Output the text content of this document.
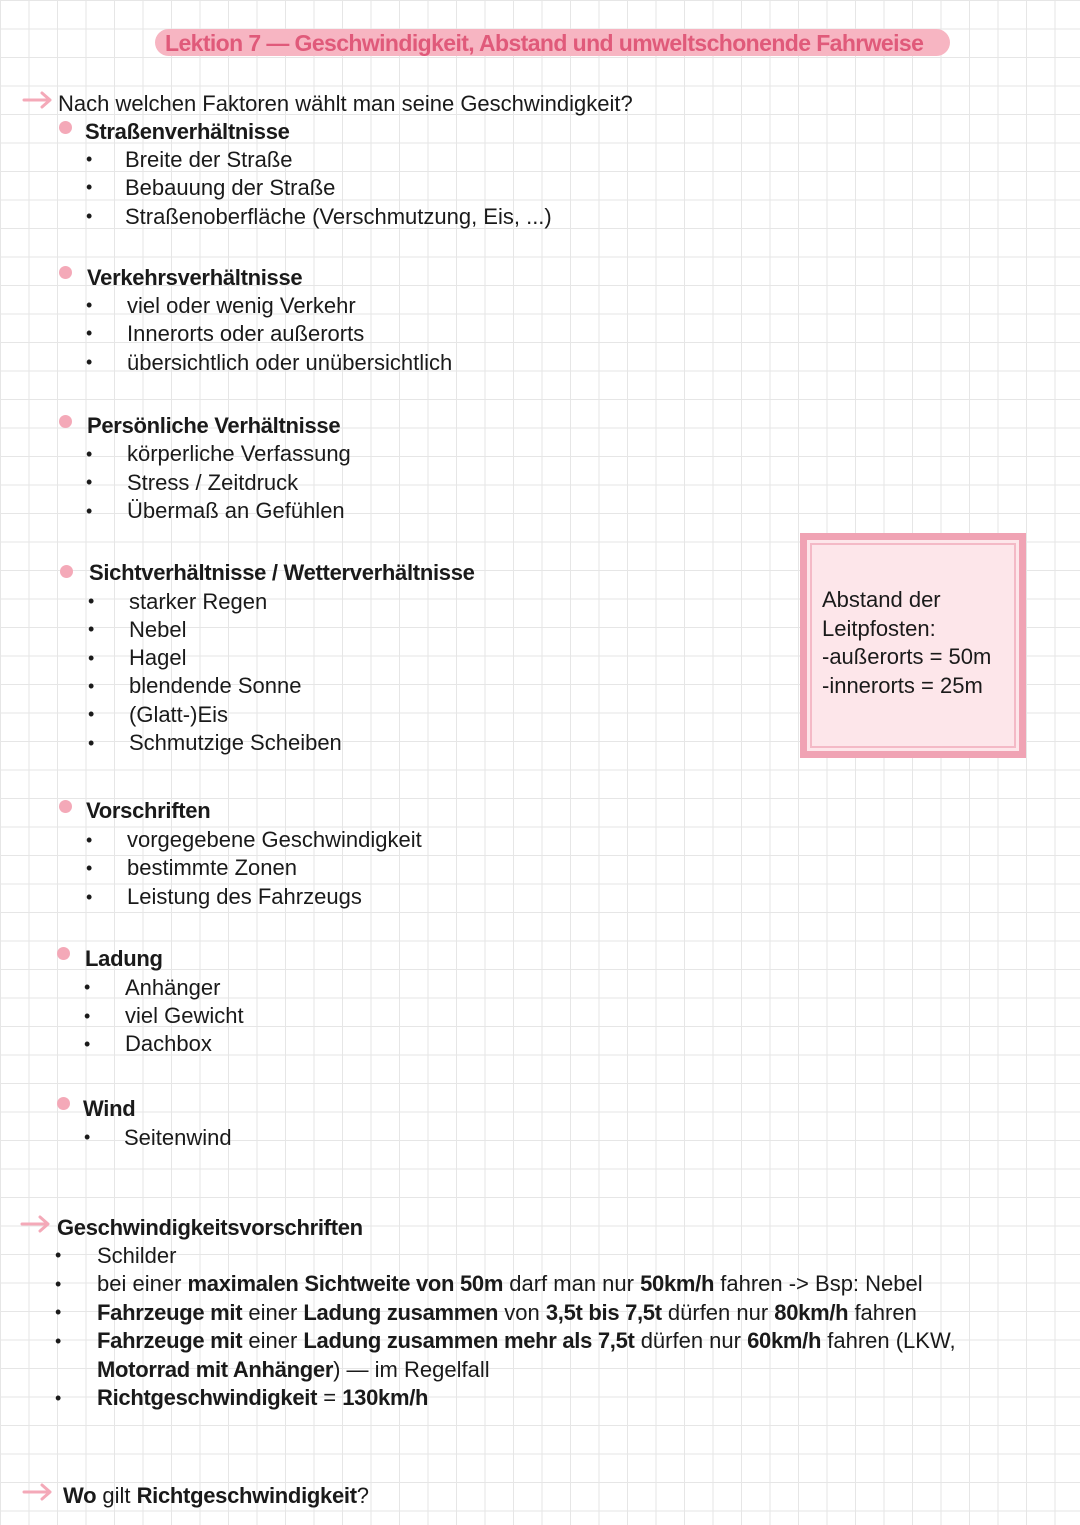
Lektion 7 — Geschwindigkeit, Abstand und umweltschonende Fahrweise
Nach welchen Faktoren wählt man seine Geschwindigkeit?
Straßenverhältnisse
• Breite der Straße
• Bebauung der Straße
• Straßenoberfläche (Verschmutzung, Eis, ...)
Verkehrsverhältnisse
• viel oder wenig Verkehr
• Innerorts oder außerorts
• übersichtlich oder unübersichtlich
Persönliche Verhältnisse
• körperliche Verfassung
• Stress / Zeitdruck
• Übermaß an Gefühlen
Sichtverhältnisse / Wetterverhältnisse
• starker Regen
• Nebel
• Hagel
• blendende Sonne
• (Glatt-)Eis
• Schmutzige Scheiben
Abstand der
Leitpfosten:
-außerorts = 50m
-innerorts = 25m
Vorschriften
• vorgegebene Geschwindigkeit
• bestimmte Zonen
• Leistung des Fahrzeugs
Ladung
• Anhänger
• viel Gewicht
• Dachbox
Wind
• Seitenwind
Geschwindigkeitsvorschriften
• Schilder
• bei einer maximalen Sichtweite von 50m darf man nur 50km/h fahren -> Bsp: Nebel
• Fahrzeuge mit einer Ladung zusammen von 3,5t bis 7,5t dürfen nur 80km/h fahren
• Fahrzeuge mit einer Ladung zusammen mehr als 7,5t dürfen nur 60km/h fahren (LKW,
Motorrad mit Anhänger) — im Regelfall
• Richtgeschwindigkeit = 130km/h
Wo gilt Richtgeschwindigkeit?
